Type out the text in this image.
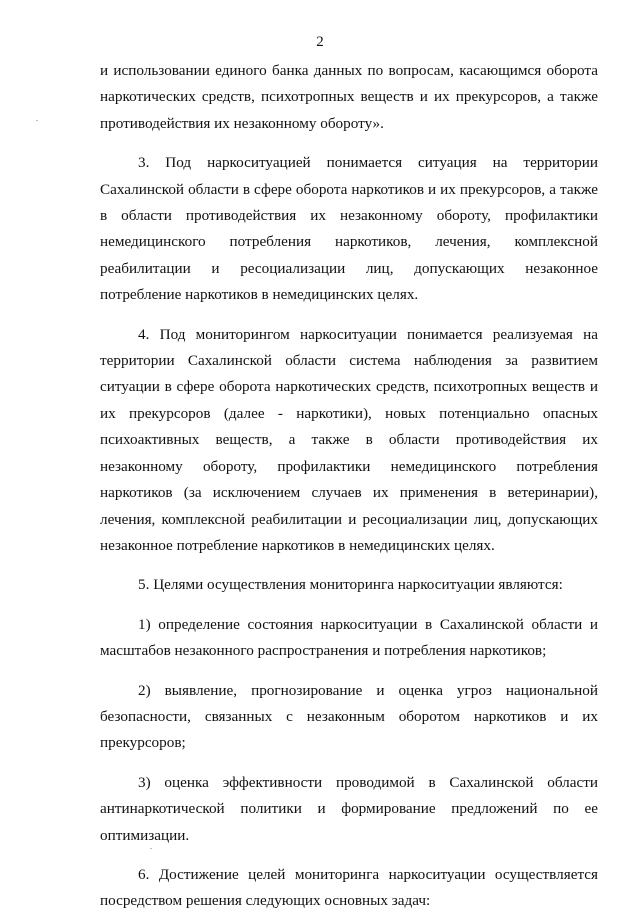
2

и использовании единого банка данных по вопросам, касающимся оборота наркотических средств, психотропных веществ и их прекурсоров, а также противодействия их незаконному обороту».

3. Под наркоситуацией понимается ситуация на территории Сахалинской области в сфере оборота наркотиков и их прекурсоров, а также в области противодействия их незаконному обороту, профилактики немедицинского потребления наркотиков, лечения, комплексной реабилитации и ресоциализации лиц, допускающих незаконное потребление наркотиков в немедицинских целях.

4. Под мониторингом наркоситуации понимается реализуемая на территории Сахалинской области система наблюдения за развитием ситуации в сфере оборота наркотических средств, психотропных веществ и их прекурсоров (далее - наркотики), новых потенциально опасных психоактивных веществ, а также в области противодействия их незаконному обороту, профилактики немедицинского потребления наркотиков (за исключением случаев их применения в ветеринарии), лечения, комплексной реабилитации и ресоциализации лиц, допускающих незаконное потребление наркотиков в немедицинских целях.

5. Целями осуществления мониторинга наркоситуации являются:

1) определение состояния наркоситуации в Сахалинской области и масштабов незаконного распространения и потребления наркотиков;

2) выявление, прогнозирование и оценка угроз национальной безопасности, связанных с незаконным оборотом наркотиков и их прекурсоров;

3) оценка эффективности проводимой в Сахалинской области антинаркотической политики и формирование предложений по ее оптимизации.

6. Достижение целей мониторинга наркоситуации осуществляется посредством решения следующих основных задач:
